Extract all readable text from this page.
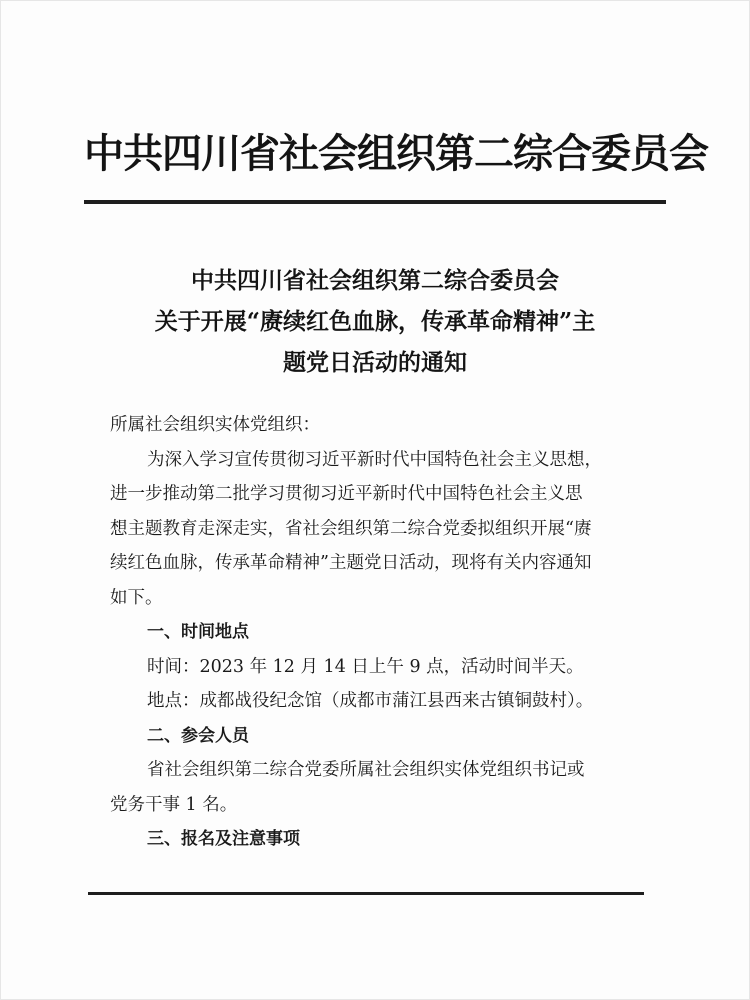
中共四川省社会组织第二综合委员会
中共四川省社会组织第二综合委员会
关于开展“赓续红色血脉，传承革命精神”主
题党日活动的通知

所属社会组织实体党组织：

为深入学习宣传贯彻习近平新时代中国特色社会主义思想，

进一步推动第二批学习贯彻习近平新时代中国特色社会主义思

想主题教育走深走实，省社会组织第二综合党委拟组织开展“赓

续红色血脉，传承革命精神”主题党日活动，现将有关内容通知

如下。

一、时间地点

时间：2023 年 12 月 14 日上午 9 点，活动时间半天。

地点：成都战役纪念馆（成都市蒲江县西来古镇铜鼓村）。

二、参会人员

省社会组织第二综合党委所属社会组织实体党组织书记或

党务干事 1 名。

三、报名及注意事项
